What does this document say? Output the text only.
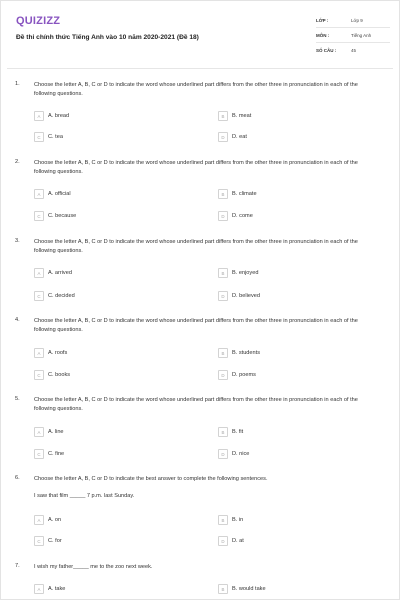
QUIZIZZ
Đề thi chính thức Tiếng Anh vào 10 năm 2020-2021 (Đề 18)
LỚP :	Lớp 9
MÔN :	Tiếng Anh
SỐ CÂU :	45
1.	Choose the letter A, B, C or D to indicate the word whose underlined part differs from the other three in pronunciation in each of the following questions.
A	A. bread	B	B. meat
C	C. tea	D	D. eat
2.	Choose the letter A, B, C or D to indicate the word whose underlined part differs from the other three in pronunciation in each of the following questions.
A	A. official	B	B. climate
C	C. because	D	D. come
3.	Choose the letter A, B, C or D to indicate the word whose underlined part differs from the other three in pronunciation in each of the following questions.
A	A. arrived	B	B. enjoyed
C	C. decided	D	D. believed
4.	Choose the letter A, B, C or D to indicate the word whose underlined part differs from the other three in pronunciation in each of the following questions.
A	A. roofs	B	B. students
C	C. books	D	D. poems
5.	Choose the letter A, B, C or D to indicate the word whose underlined part differs from the other three in pronunciation in each of the following questions.
A	A. line	B	B. fit
C	C. fine	D	D. nice
6.	Choose the letter A, B, C or D to indicate the best answer to complete the following sentences.
I saw that film _____ 7 p.m. last Sunday.
A	A. on	B	B. in
C	C. for	D	D. at
7.	I wish my father_____ me to the zoo next week.
A	A. take	B	B. would take
